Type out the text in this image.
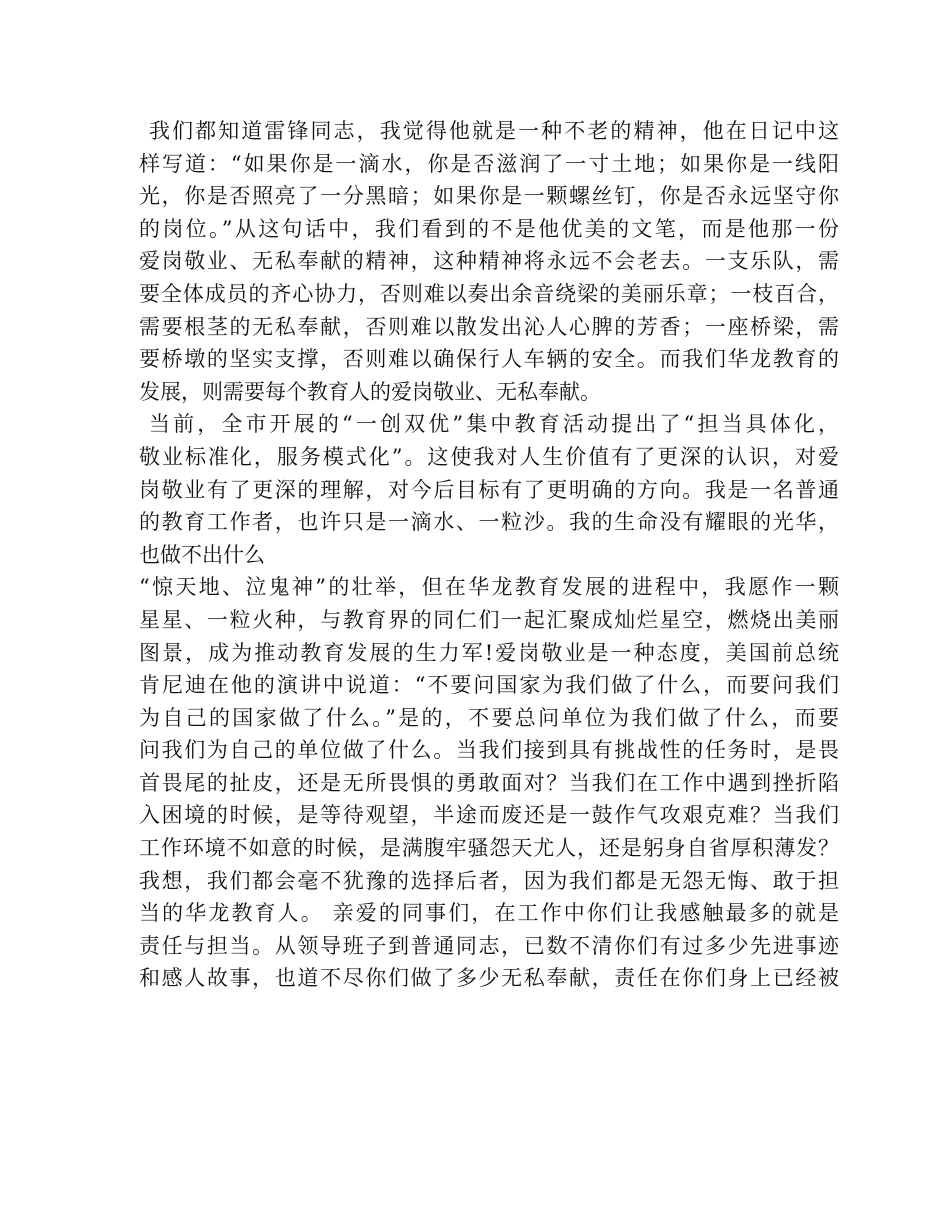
我们都知道雷锋同志，我觉得他就是一种不老的精神，他在日记中这
样写道：“如果你是一滴水，你是否滋润了一寸土地；如果你是一线阳
光，你是否照亮了一分黑暗；如果你是一颗螺丝钉，你是否永远坚守你
的岗位。”从这句话中，我们看到的不是他优美的文笔，而是他那一份
爱岗敬业、无私奉献的精神，这种精神将永远不会老去。一支乐队，需
要全体成员的齐心协力，否则难以奏出余音绕梁的美丽乐章；一枝百合，
需要根茎的无私奉献，否则难以散发出沁人心脾的芳香；一座桥梁，需
要桥墩的坚实支撑，否则难以确保行人车辆的安全。而我们华龙教育的
发展，则需要每个教育人的爱岗敬业、无私奉献。
当前，全市开展的“一创双优”集中教育活动提出了“担当具体化，
敬业标准化，服务模式化”。这使我对人生价值有了更深的认识，对爱
岗敬业有了更深的理解，对今后目标有了更明确的方向。我是一名普通
的教育工作者，也许只是一滴水、一粒沙。我的生命没有耀眼的光华，
也做不出什么
“惊天地、泣鬼神”的壮举，但在华龙教育发展的进程中，我愿作一颗
星星、一粒火种，与教育界的同仁们一起汇聚成灿烂星空，燃烧出美丽
图景，成为推动教育发展的生力军!爱岗敬业是一种态度，美国前总统
肯尼迪在他的演讲中说道：“不要问国家为我们做了什么，而要问我们
为自己的国家做了什么。”是的，不要总问单位为我们做了什么，而要
问我们为自己的单位做了什么。当我们接到具有挑战性的任务时，是畏
首畏尾的扯皮，还是无所畏惧的勇敢面对？当我们在工作中遇到挫折陷
入困境的时候，是等待观望，半途而废还是一鼓作气攻艰克难？当我们
工作环境不如意的时候，是满腹牢骚怨天尤人，还是躬身自省厚积薄发？
我想，我们都会毫不犹豫的选择后者，因为我们都是无怨无悔、敢于担
当的华龙教育人。 亲爱的同事们，在工作中你们让我感触最多的就是
责任与担当。从领导班子到普通同志，已数不清你们有过多少先进事迹
和感人故事，也道不尽你们做了多少无私奉献，责任在你们身上已经被
